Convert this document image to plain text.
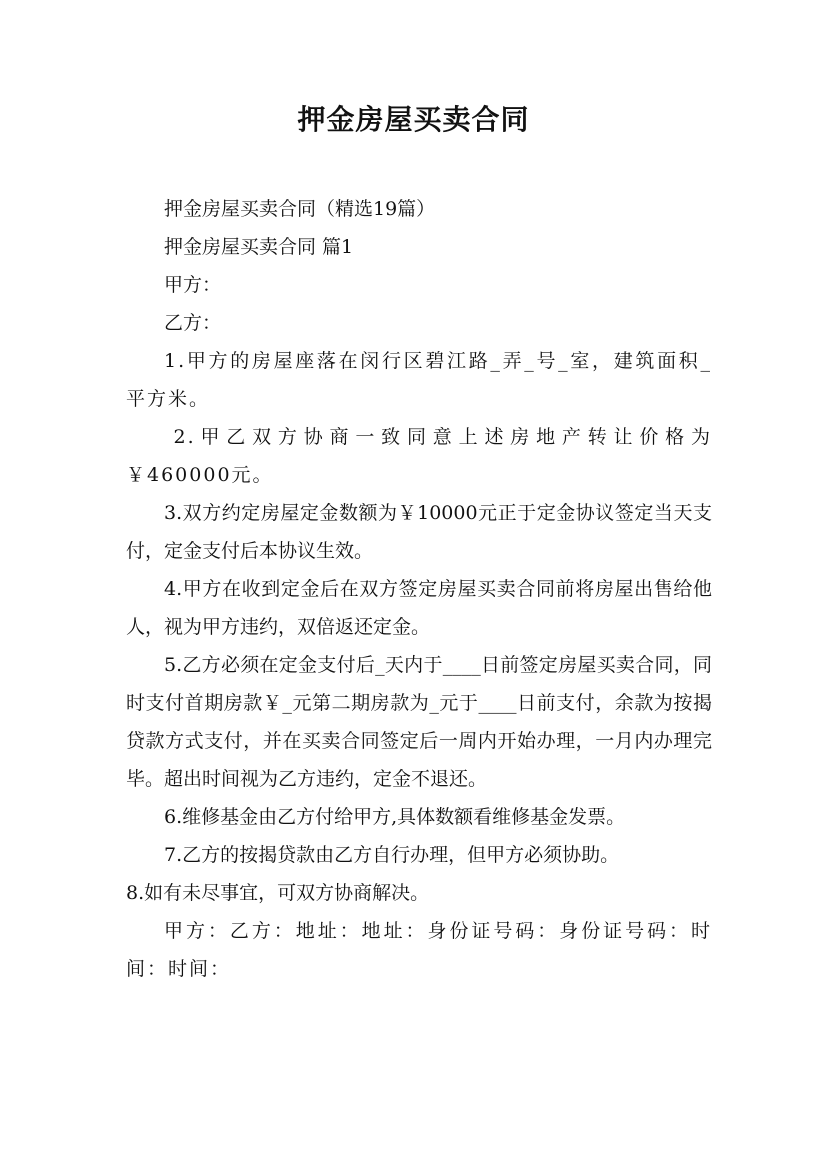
押金房屋买卖合同

押金房屋买卖合同（精选19篇）

押金房屋买卖合同 篇1

甲方：

乙方：

1.甲方的房屋座落在闵行区碧江路_弄_号_室，建筑面积_平方米。

2.甲乙双方协商一致同意上述房地产转让价格为￥460000元。

3.双方约定房屋定金数额为￥10000元正于定金协议签定当天支付，定金支付后本协议生效。

4.甲方在收到定金后在双方签定房屋买卖合同前将房屋出售给他人，视为甲方违约，双倍返还定金。

5.乙方必须在定金支付后_天内于____日前签定房屋买卖合同，同时支付首期房款￥_元第二期房款为_元于____日前支付，余款为按揭贷款方式支付，并在买卖合同签定后一周内开始办理，一月内办理完毕。超出时间视为乙方违约，定金不退还。

6.维修基金由乙方付给甲方,具体数额看维修基金发票。

7.乙方的按揭贷款由乙方自行办理，但甲方必须协助。

8.如有未尽事宜，可双方协商解决。

甲方：乙方：地址：地址：身份证号码：身份证号码：时间：时间：
